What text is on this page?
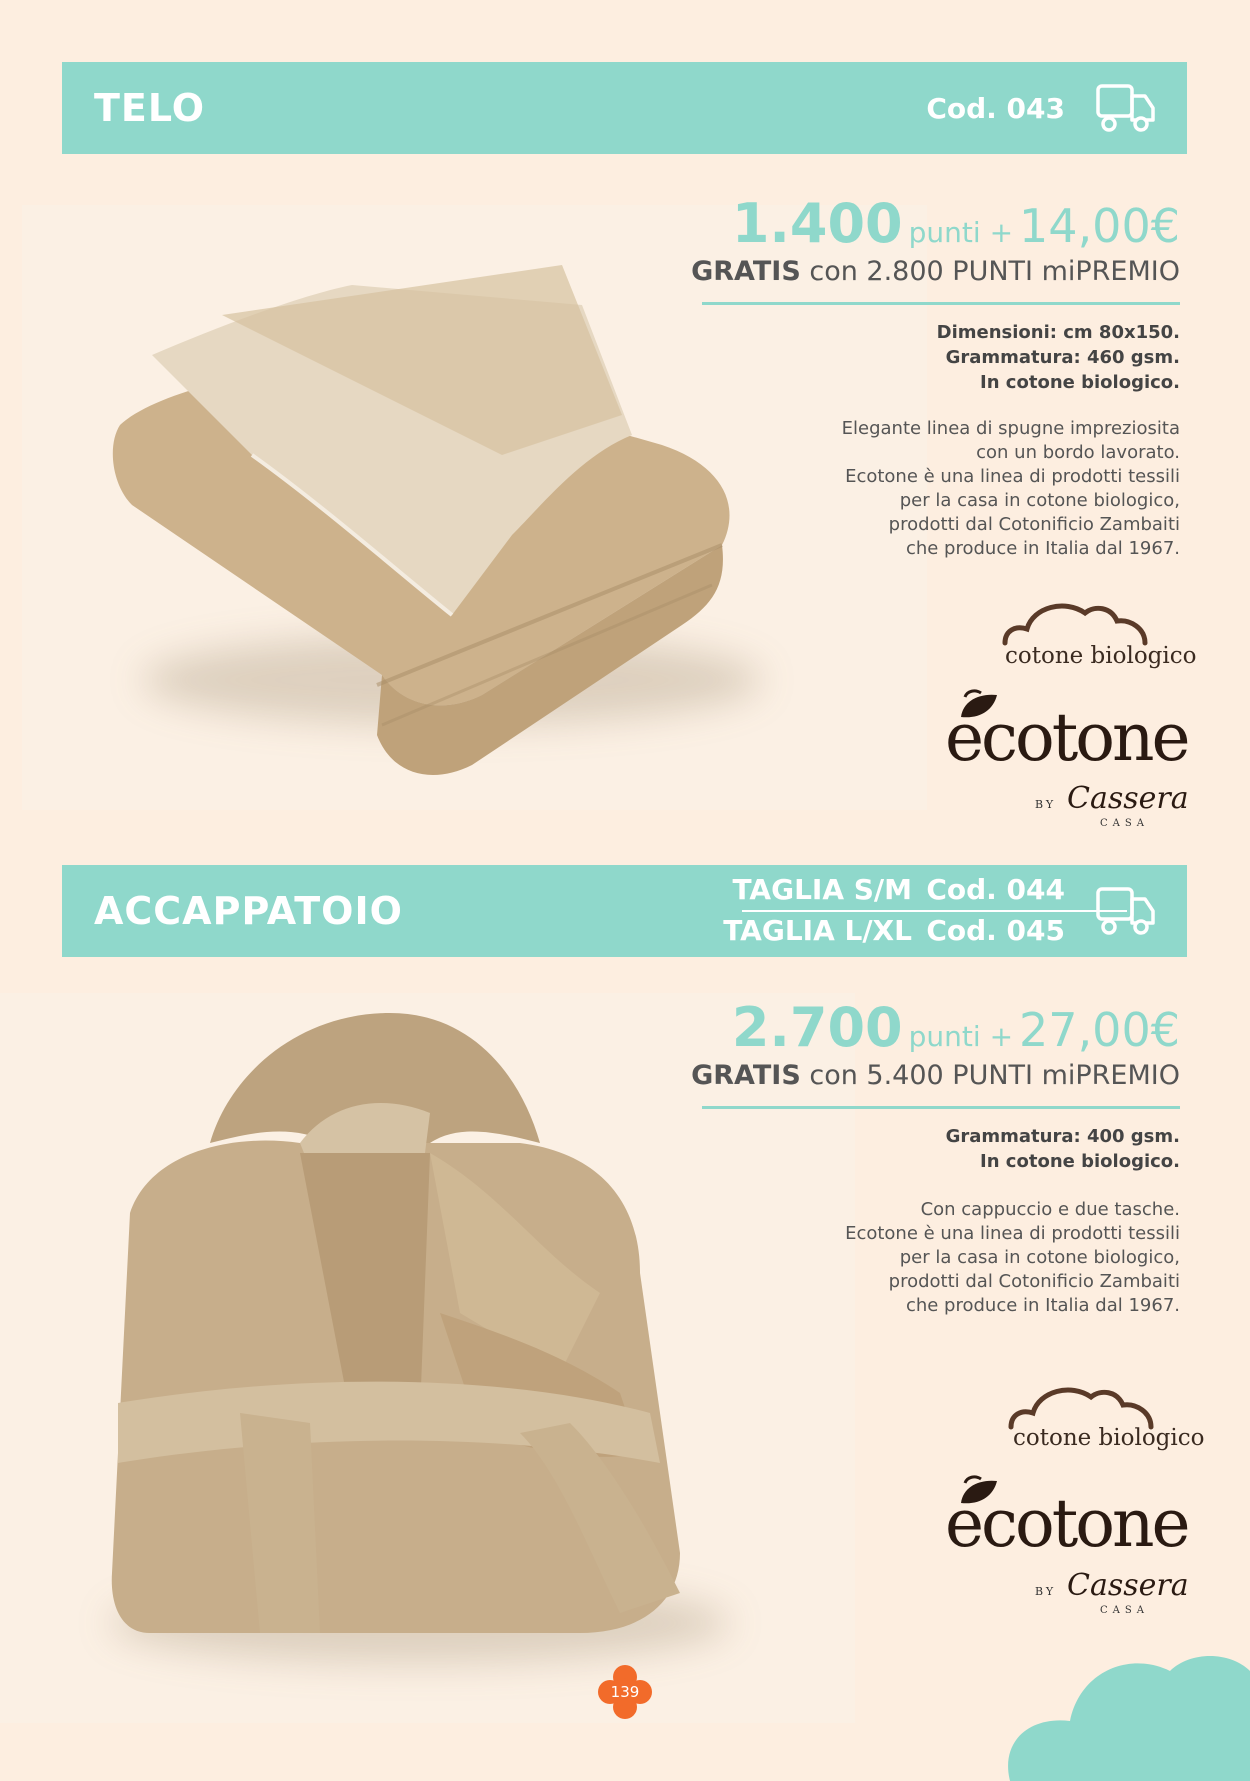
TELO	Cod. 043
1.400 punti + 14,00€
GRATIS con 2.800 PUNTI miPREMIO
Dimensioni: cm 80x150.
Grammatura: 460 gsm.
In cotone biologico.
Elegante linea di spugne impreziosita
con un bordo lavorato.
Ecotone è una linea di prodotti tessili
per la casa in cotone biologico,
prodotti dal Cotonificio Zambaiti
che produce in Italia dal 1967.
cotone biologico
ecotone
BY Cassera
CASA
ACCAPPATOIO	TAGLIA S/M Cod. 044
TAGLIA L/XL Cod. 045
2.700 punti + 27,00€
GRATIS con 5.400 PUNTI miPREMIO
Grammatura: 400 gsm.
In cotone biologico.
Con cappuccio e due tasche.
Ecotone è una linea di prodotti tessili
per la casa in cotone biologico,
prodotti dal Cotonificio Zambaiti
che produce in Italia dal 1967.
cotone biologico
ecotone
BY Cassera
CASA
139
